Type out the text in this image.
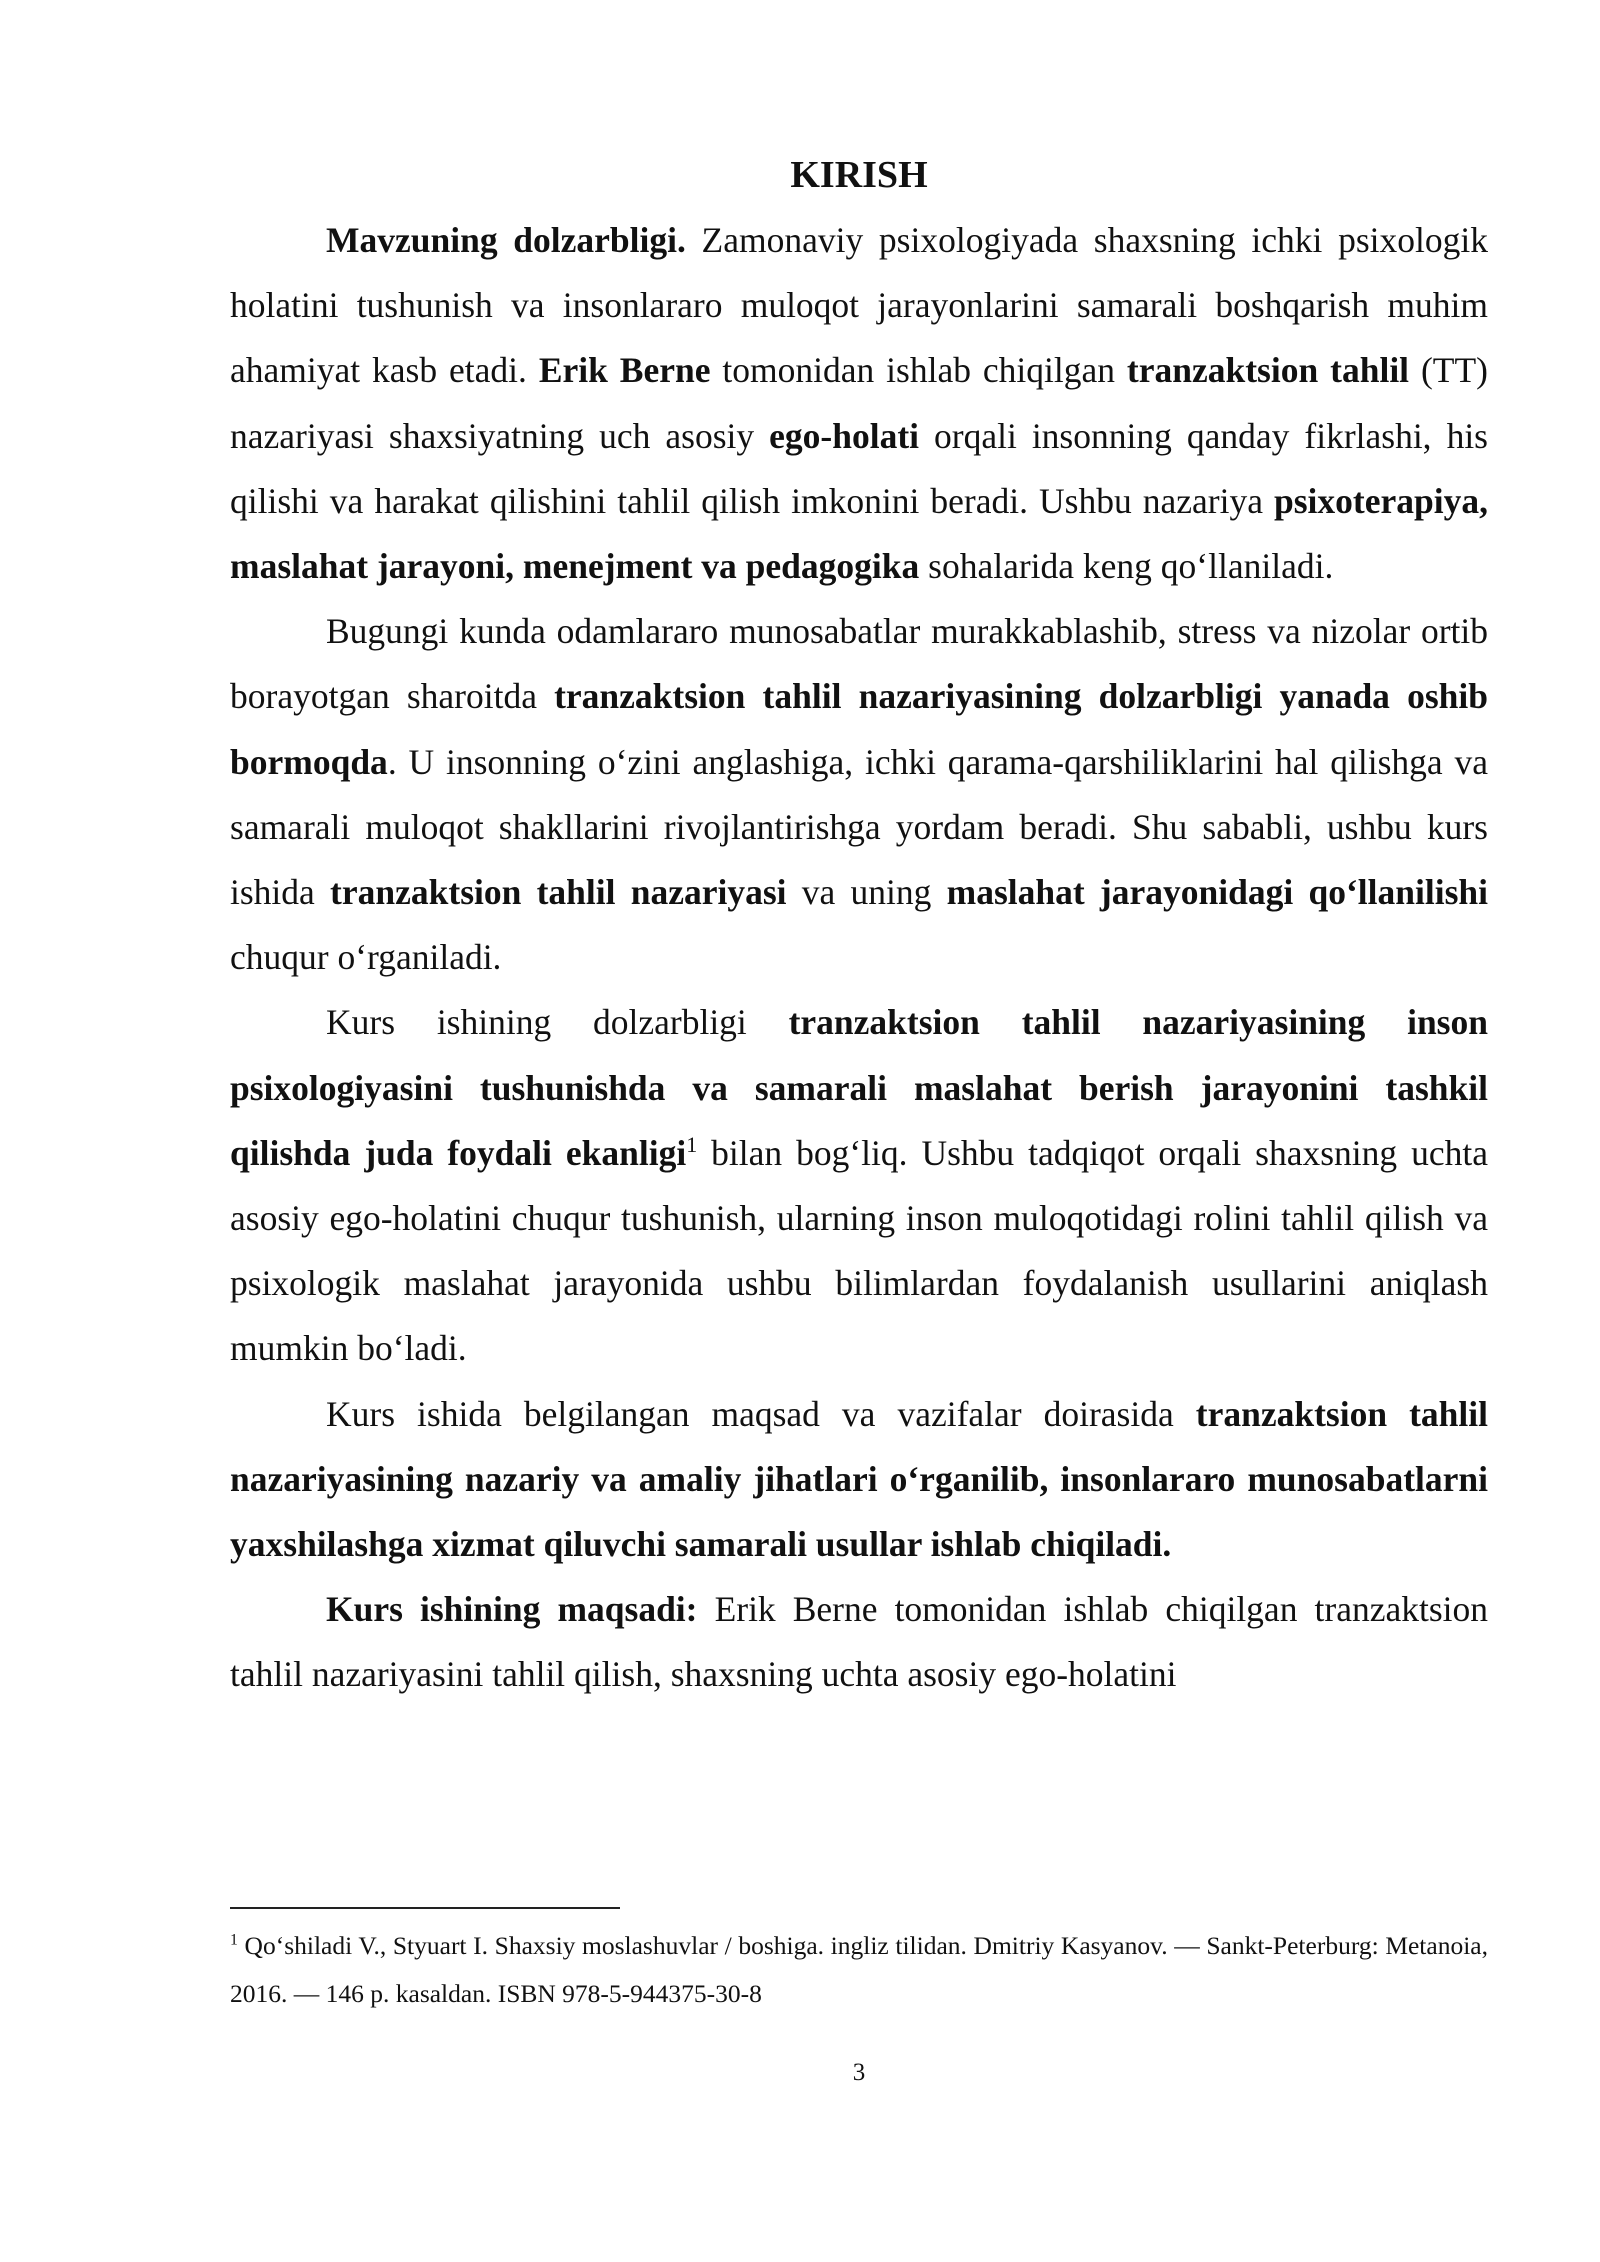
KIRISH

Mavzuning dolzarbligi. Zamonaviy psixologiyada shaxsning ichki psixologik holatini tushunish va insonlararo muloqot jarayonlarini samarali boshqarish muhim ahamiyat kasb etadi. Erik Berne tomonidan ishlab chiqilgan tranzaktsion tahlil (TT) nazariyasi shaxsiyatning uch asosiy ego-holati orqali insonning qanday fikrlashi, his qilishi va harakat qilishini tahlil qilish imkonini beradi. Ushbu nazariya psixoterapiya, maslahat jarayoni, menejment va pedagogika sohalarida keng qo‘llaniladi.

Bugungi kunda odamlararo munosabatlar murakkablashib, stress va nizolar ortib borayotgan sharoitda tranzaktsion tahlil nazariyasining dolzarbligi yanada oshib bormoqda. U insonning o‘zini anglashiga, ichki qarama-qarshiliklarini hal qilishga va samarali muloqot shakllarini rivojlantirishga yordam beradi. Shu sababli, ushbu kurs ishida tranzaktsion tahlil nazariyasi va uning maslahat jarayonidagi qo‘llanilishi chuqur o‘rganiladi.

Kurs ishining dolzarbligi tranzaktsion tahlil nazariyasining inson psixologiyasini tushunishda va samarali maslahat berish jarayonini tashkil qilishda juda foydali ekanligi$^1$ bilan bog‘liq. Ushbu tadqiqot orqali shaxsning uchta asosiy ego-holatini chuqur tushunish, ularning inson muloqotidagi rolini tahlil qilish va psixologik maslahat jarayonida ushbu bilimlardan foydalanish usullarini aniqlash mumkin bo‘ladi.

Kurs ishida belgilangan maqsad va vazifalar doirasida tranzaktsion tahlil nazariyasining nazariy va amaliy jihatlari o‘rganilib, insonlararo munosabatlarni yaxshilashga xizmat qiluvchi samarali usullar ishlab chiqiladi.

Kurs ishining maqsadi: Erik Berne tomonidan ishlab chiqilgan tranzaktsion tahlil nazariyasini tahlil qilish, shaxsning uchta asosiy ego-holatini

$^1$ Qo‘shiladi V., Styuart I. Shaxsiy moslashuvlar / boshiga. ingliz tilidan. Dmitriy Kasyanov. — Sankt-Peterburg: Metanoia, 2016. — 146 p. kasaldan. ISBN 978-5-944375-30-8
3
